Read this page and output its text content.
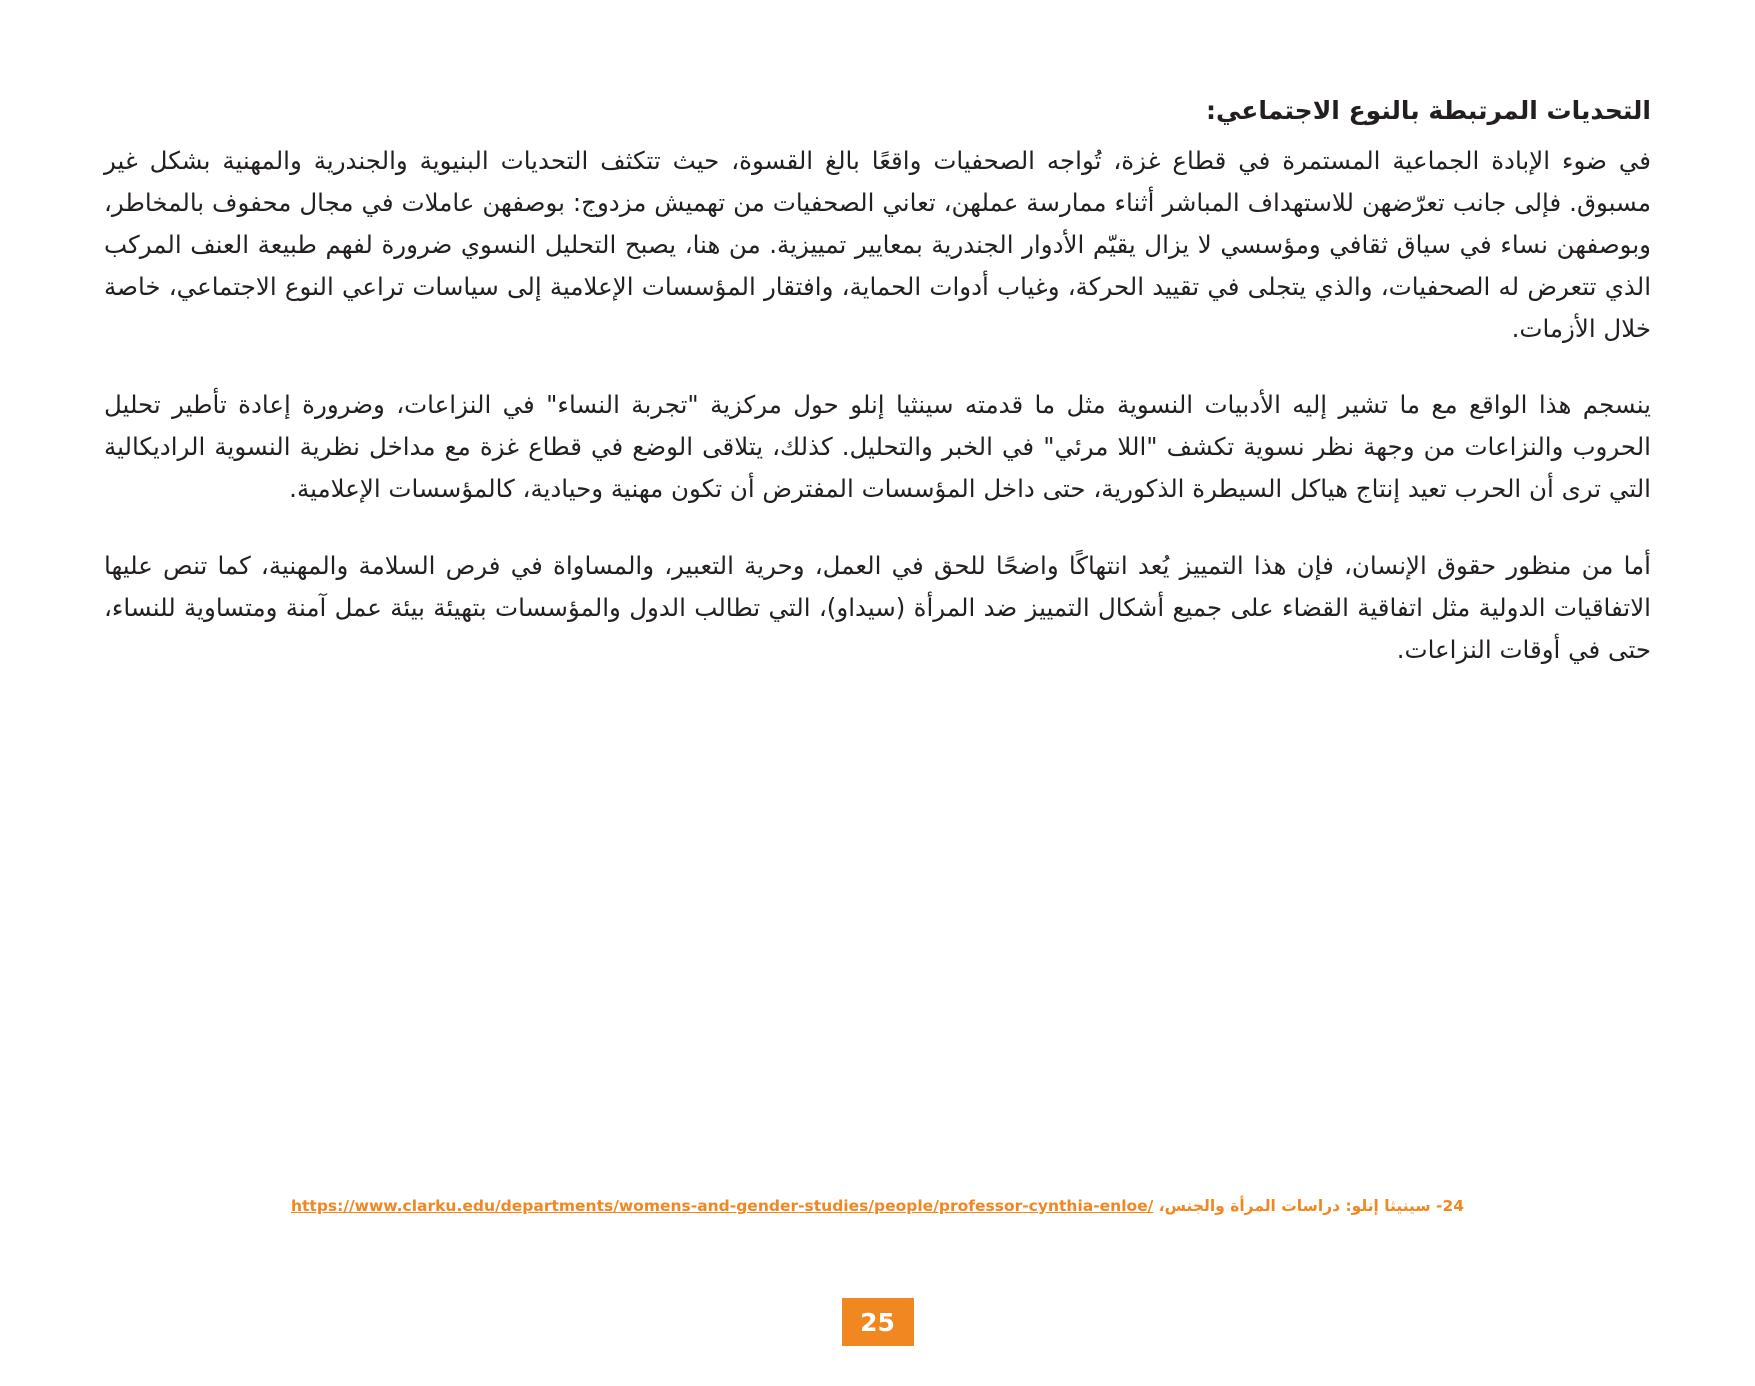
التحديات المرتبطة بالنوع الاجتماعي:

في ضوء الإبادة الجماعية المستمرة في قطاع غزة، تُواجه الصحفيات واقعًا بالغ القسوة، حيث تتكثف التحديات البنيوية والجندرية والمهنية بشكل غير مسبوق. فإلى جانب تعرّضهن للاستهداف المباشر أثناء ممارسة عملهن، تعاني الصحفيات من تهميش مزدوج: بوصفهن عاملات في مجال محفوف بالمخاطر، وبوصفهن نساء في سياق ثقافي ومؤسسي لا يزال يقيّم الأدوار الجندرية بمعايير تمييزية. من هنا، يصبح التحليل النسوي ضرورة لفهم طبيعة العنف المركب الذي تتعرض له الصحفيات، والذي يتجلى في تقييد الحركة، وغياب أدوات الحماية، وافتقار المؤسسات الإعلامية إلى سياسات تراعي النوع الاجتماعي، خاصة خلال الأزمات.

ينسجم هذا الواقع مع ما تشير إليه الأدبيات النسوية مثل ما قدمته سينثيا إنلو حول مركزية "تجربة النساء" في النزاعات، وضرورة إعادة تأطير تحليل الحروب والنزاعات من وجهة نظر نسوية تكشف "اللا مرئي" في الخبر والتحليل. كذلك، يتلاقى الوضع في قطاع غزة مع مداخل نظرية النسوية الراديكالية التي ترى أن الحرب تعيد إنتاج هياكل السيطرة الذكورية، حتى داخل المؤسسات المفترض أن تكون مهنية وحيادية، كالمؤسسات الإعلامية.

أما من منظور حقوق الإنسان، فإن هذا التمييز يُعد انتهاكًا واضحًا للحق في العمل، وحرية التعبير، والمساواة في فرص السلامة والمهنية، كما تنص عليها الاتفاقيات الدولية مثل اتفاقية القضاء على جميع أشكال التمييز ضد المرأة (سيداو)، التي تطالب الدول والمؤسسات بتهيئة بيئة عمل آمنة ومتساوية للنساء، حتى في أوقات النزاعات.

24- سينيثا إنلو: دراسات المرأة والجنس، https://www.clarku.edu/departments/womens-and-gender-studies/people/professor-cynthia-enloe/
25
